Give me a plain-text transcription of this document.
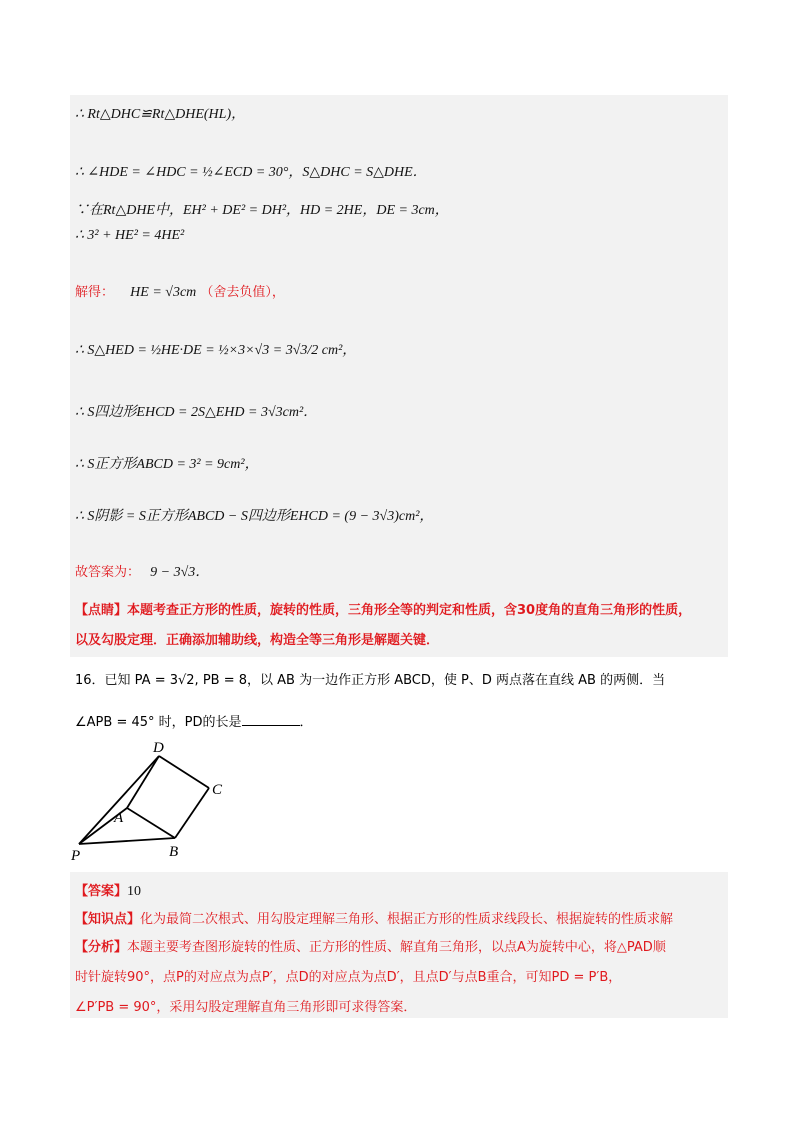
∴ Rt△DHC≌Rt△DHE(HL)，
∴ ∠HDE = ∠HDC = ½∠ECD = 30°，S△DHC = S△DHE．
∵在Rt△DHE中，EH² + DE² = DH²，HD = 2HE，DE = 3cm，
∴ 3² + HE² = 4HE²
解得： HE = √3cm （舍去负值），
∴ S△HED = ½HE·DE = ½×3×√3 = 3√3/2 cm²，
∴ S四边形EHCD = 2S△EHD = 3√3cm²．
∴ S正方形ABCD = 3² = 9cm²，
∴ S阴影 = S正方形ABCD − S四边形EHCD = (9 − 3√3)cm²，
故答案为： 9 − 3√3．
【点睛】本题考查正方形的性质，旋转的性质，三角形全等的判定和性质，含30度角的直角三角形的性质，
以及勾股定理．正确添加辅助线，构造全等三角形是解题关键．
16．已知 PA = 3√2, PB = 8，以 AB 为一边作正方形 ABCD，使 P、D 两点落在直线 AB 的两侧．当
∠APB = 45° 时，PD的长是	．
D
C
A
P	B
【答案】10
【知识点】化为最简二次根式、用勾股定理解三角形、根据正方形的性质求线段长、根据旋转的性质求解
【分析】本题主要考查图形旋转的性质、正方形的性质、解直角三角形，以点A为旋转中心，将△PAD顺
时针旋转90°，点P的对应点为点P′，点D的对应点为点D′，且点D′与点B重合，可知PD = P′B，
∠P′PB = 90°，采用勾股定理解直角三角形即可求得答案．
